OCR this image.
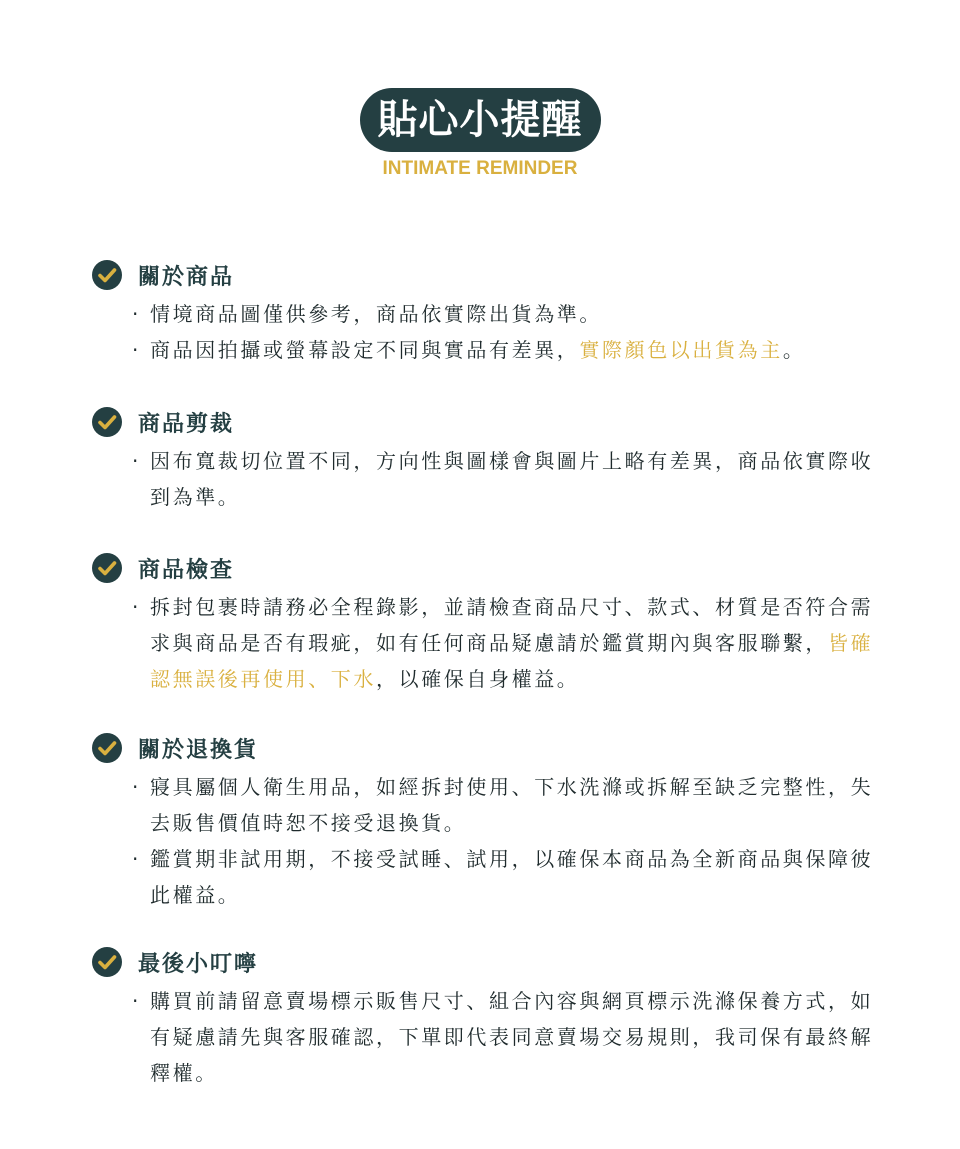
貼心小提醒
INTIMATE REMINDER
關於商品
· 情境商品圖僅供參考，商品依實際出貨為準。
· 商品因拍攝或螢幕設定不同與實品有差異，實際顏色以出貨為主。
商品剪裁
· 因布寬裁切位置不同，方向性與圖樣會與圖片上略有差異，商品依實際收到為準。
商品檢查
· 拆封包裹時請務必全程錄影，並請檢查商品尺寸、款式、材質是否符合需求與商品是否有瑕疵，如有任何商品疑慮請於鑑賞期內與客服聯繫，皆確認無誤後再使用、下水，以確保自身權益。
關於退換貨
· 寢具屬個人衛生用品，如經拆封使用、下水洗滌或拆解至缺乏完整性，失去販售價值時恕不接受退換貨。
· 鑑賞期非試用期，不接受試睡、試用，以確保本商品為全新商品與保障彼此權益。
最後小叮嚀
· 購買前請留意賣場標示販售尺寸、組合內容與網頁標示洗滌保養方式，如有疑慮請先與客服確認，下單即代表同意賣場交易規則，我司保有最終解釋權。
